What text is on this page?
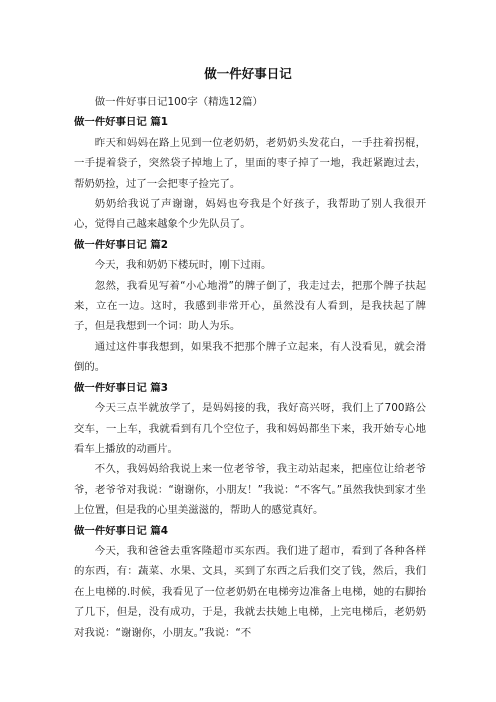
做一件好事日记

做一件好事日记100字（精选12篇）

做一件好事日记 篇1

昨天和妈妈在路上见到一位老奶奶，老奶奶头发花白，一手拄着拐棍，一手提着袋子，突然袋子掉地上了，里面的枣子掉了一地，我赶紧跑过去，帮奶奶捡，过了一会把枣子捡完了。

奶奶给我说了声谢谢，妈妈也夸我是个好孩子，我帮助了别人我很开心，觉得自己越来越象个少先队员了。

做一件好事日记 篇2

今天，我和奶奶下楼玩时，刚下过雨。

忽然，我看见写着“小心地滑”的牌子倒了，我走过去，把那个牌子扶起来，立在一边。这时，我感到非常开心，虽然没有人看到，是我扶起了牌子，但是我想到一个词：助人为乐。

通过这件事我想到，如果我不把那个牌子立起来，有人没看见，就会滑倒的。

做一件好事日记 篇3

今天三点半就放学了，是妈妈接的我，我好高兴呀，我们上了700路公交车，一上车，我就看到有几个空位子，我和妈妈都坐下来，我开始专心地看车上播放的动画片。

不久，我妈妈给我说上来一位老爷爷，我主动站起来，把座位让给老爷爷，老爷爷对我说：“谢谢你，小朋友！”我说：“不客气。”虽然我快到家才坐上位置，但是我的心里美滋滋的，帮助人的感觉真好。

做一件好事日记 篇4

今天，我和爸爸去重客隆超市买东西。我们进了超市，看到了各种各样的东西，有：蔬菜、水果、文具，买到了东西之后我们交了钱，然后，我们在上电梯的.时候，我看见了一位老奶奶在电梯旁边准备上电梯，她的右脚抬了几下，但是，没有成功，于是，我就去扶她上电梯，上完电梯后，老奶奶对我说：“谢谢你，小朋友。”我说：“不
